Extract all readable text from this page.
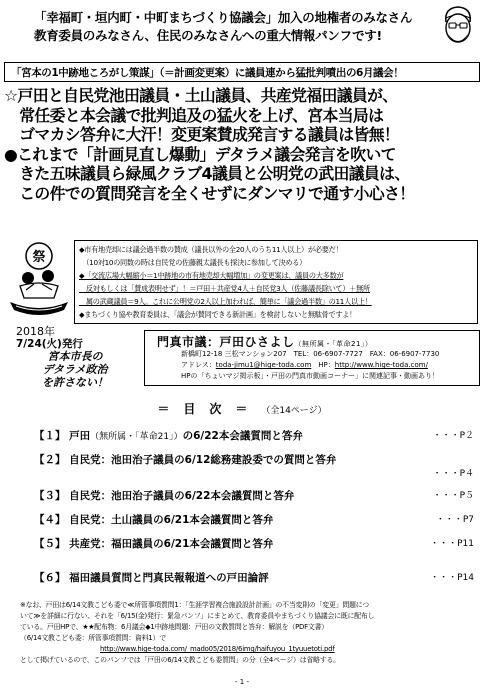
「幸福町・垣内町・中町まちづくり協議会」加入の地権者のみなさん
教育委員のみなさん、住民のみなさんへの重大情報パンフです!
「宮本の1中跡地ころがし策謀」（＝計画変更案）に議員連から猛批判噴出の6月議会！
☆戸田と自民党池田議員・土山議員、共産党福田議員が、
　常任委と本会議で批判追及の猛火を上げ、宮本当局は
　ゴマカシ答弁に大汗！変更案賛成発言する議員は皆無！
●これまで「計画見直し爆動」デタラメ議会発言を吹いて
　きた五味議員ら緑風クラブ4議員と公明党の武田議員は、
　この件での質問発言を全くせずにダンマリで通す小心さ！
祭
◆市有地売却には議会過半数の賛成（議長以外の全20人のうち11人以上）が必要だ！
　（10対10の同数の時は自民党の佐藤親太議長も採決に参加して決める）
◆「交流広場大幅縮小＝1中跡地の市有地売却大幅増加」の変更案は、議員の大多数が
　反対もしくは「賛成表明せず」！＝戸田＋共産党4人＋自民党3人（佐藤議長除いて）＋無所
　属の武蔵議員＝9人。これに公明党の2人以上加われば、簡単に「議会過半数」の11人以上！
◆まちづくり協や教育委員は、「議会が賛同できる新計画」を検討しないと無駄骨ですよ！
2018年
7/24(火)発行
宮本市長の
デタラメ政治
を許さない！
門真市議：戸田ひさよし（無所属・「革命21」）
新橋町12-18 三松マンション207　TEL：06-6907-7727　FAX：06-6907-7730
アドレス：toda-jimu1@hige-toda.com　HP：http://www.hige-toda.com/
HPの「ちょいマジ掲示板」・戸田の門真市動画コーナー」に関連記事・動画あり！
＝目次＝（全14ページ）
【１】 戸田（無所属・「革命21」）の6/22本会議質問と答弁	・・・P２
【２】 自民党：池田治子議員の6/12総務建設委での質問と答弁
・・・P４
【３】 自民党：池田治子議員の6/22本会議質問と答弁	・・・P５
【４】 自民党：土山議員の6/21本会議質問と答弁	・・・P7
【５】 共産党：福田議員の6/21本会議質問と答弁	・・・P11
【６】 福田議員質問と門真民報報道への戸田論評	・・・P14
※なお、戸田は6/14文教こども委で≪所管事項質問1：「生涯学習複合施設設計計画」の不当変則の「変更」問題につ
いて≫を詳細に行ない、それを「6/15(金)発行：緊急パンフ」にまとめて、教育委員やまちづくり協議会に既に配布し
ている。戸田HPで、★★配布物：6月議会◆1中跡地問題：戸田の文教質問と答弁：解説を（PDF文書）
（6/14文教こども委：所管事項質問：資料1）で
http://www.hige-toda.com/_mado05/2018/6img/haifuyou_1tyuuetoti.pdf
として掲げているので、このパンフでは「戸田の6/14文教こども委質問」の分（全4ページ）は省略する。
- 1 -
